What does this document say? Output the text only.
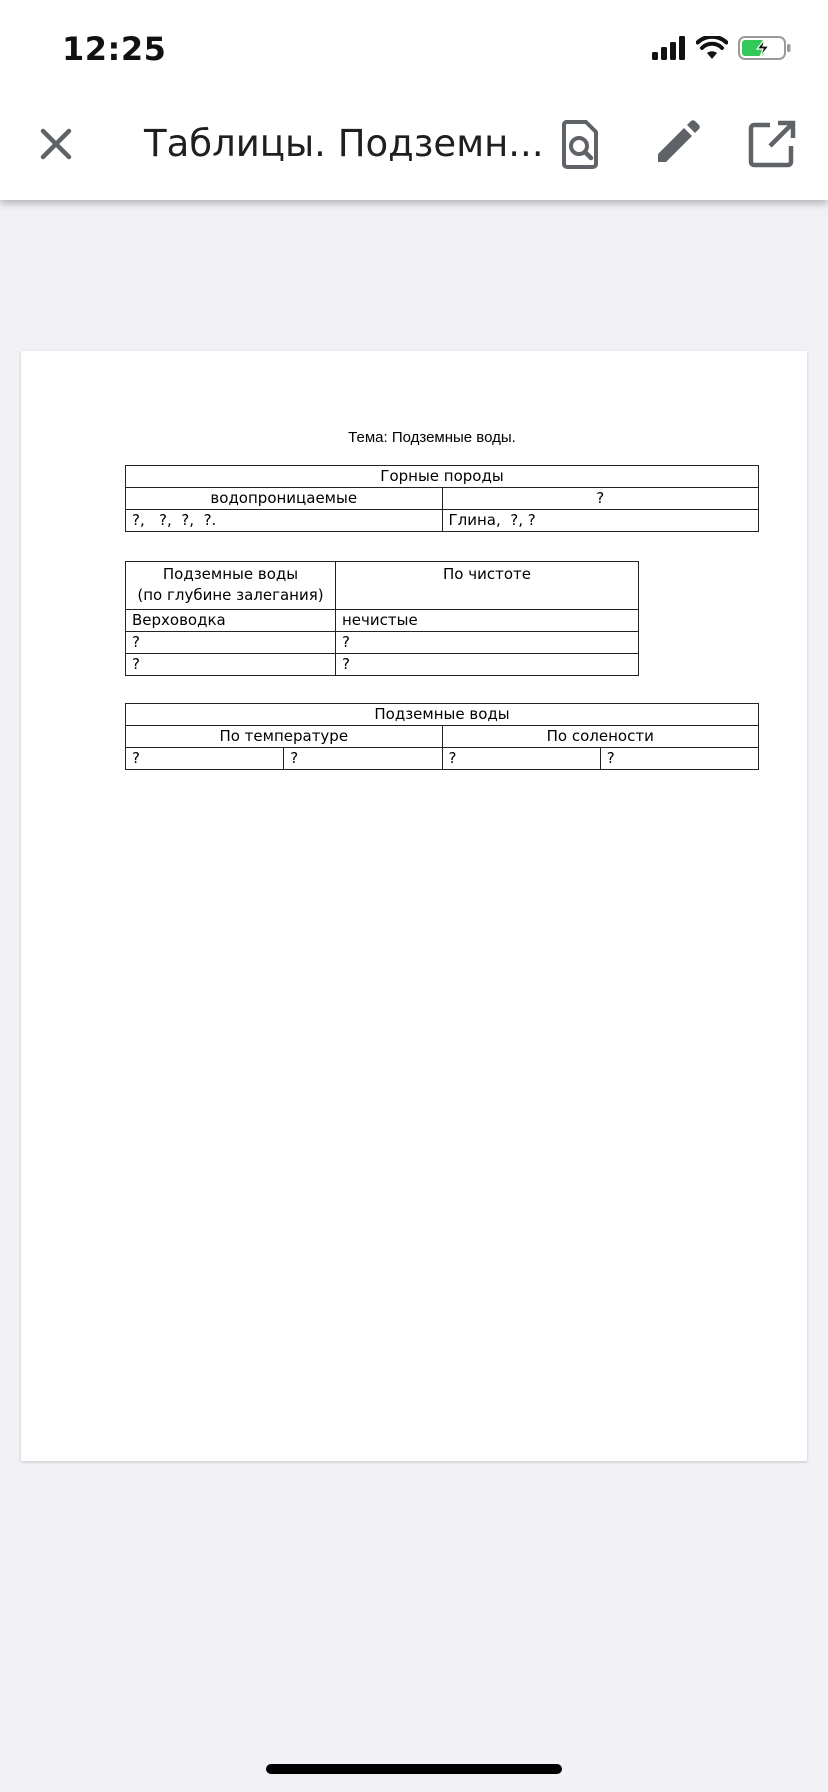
12:25
Таблицы. Подземн...
Тема: Подземные воды.
Горные породы	
водопроницаемые	?
?,   ?,  ?,  ?.	Глина,  ?, ?
Подземные воды
(по глубине залегания)	По чистоте
Верховодка	нечистые
?	?
?	?
Подземные воды			
По температуре		По солености	
?	?	?	?
